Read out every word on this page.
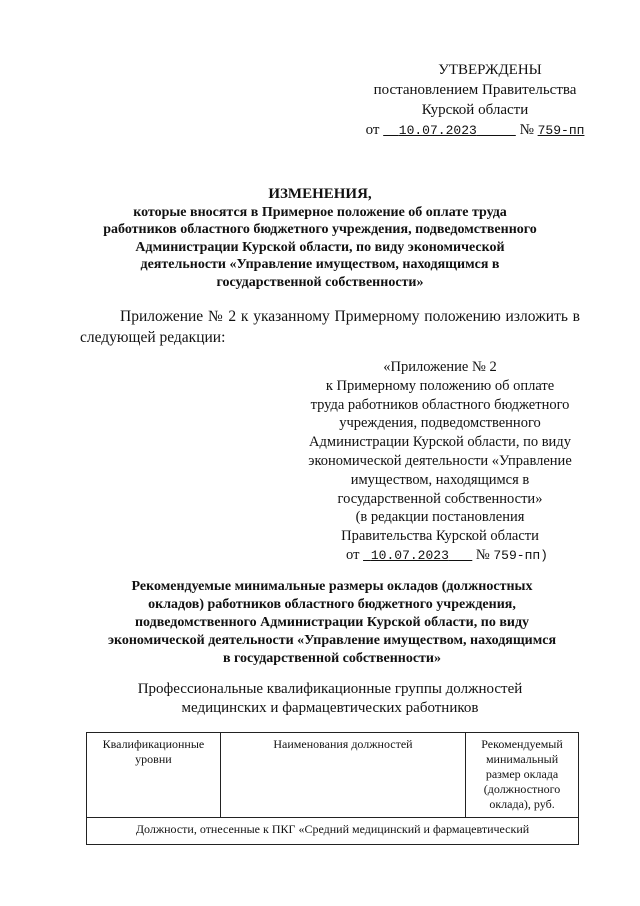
УТВЕРЖДЕНЫ
постановлением Правительства
Курской области
от 10.07.2023	№ 759-пп
ИЗМЕНЕНИЯ,
которые вносятся в Примерное положение об оплате труда
работников областного бюджетного учреждения, подведомственного
Администрации Курской области, по виду экономической
деятельности «Управление имуществом, находящимся в
государственной собственности»
Приложение № 2 к указанному Примерному положению изложить в следующей редакции:
«Приложение № 2
к Примерному положению об оплате
труда работников областного бюджетного
учреждения, подведомственного
Администрации Курской области, по виду
экономической деятельности «Управление
имуществом, находящимся в
государственной собственности»
(в редакции постановления
Правительства Курской области
от 10.07.2023 № 759-пп)
Рекомендуемые минимальные размеры окладов (должностных
окладов) работников областного бюджетного учреждения,
подведомственного Администрации Курской области, по виду
экономической деятельности «Управление имуществом, находящимся
в государственной собственности»
Профессиональные квалификационные группы должностей
медицинских и фармацевтических работников
Квалификационные уровни	Наименования должностей	Рекомендуемый минимальный размер оклада (должностного оклада), руб.
Должности, отнесенные к ПКГ «Средний медицинский и фармацевтический
